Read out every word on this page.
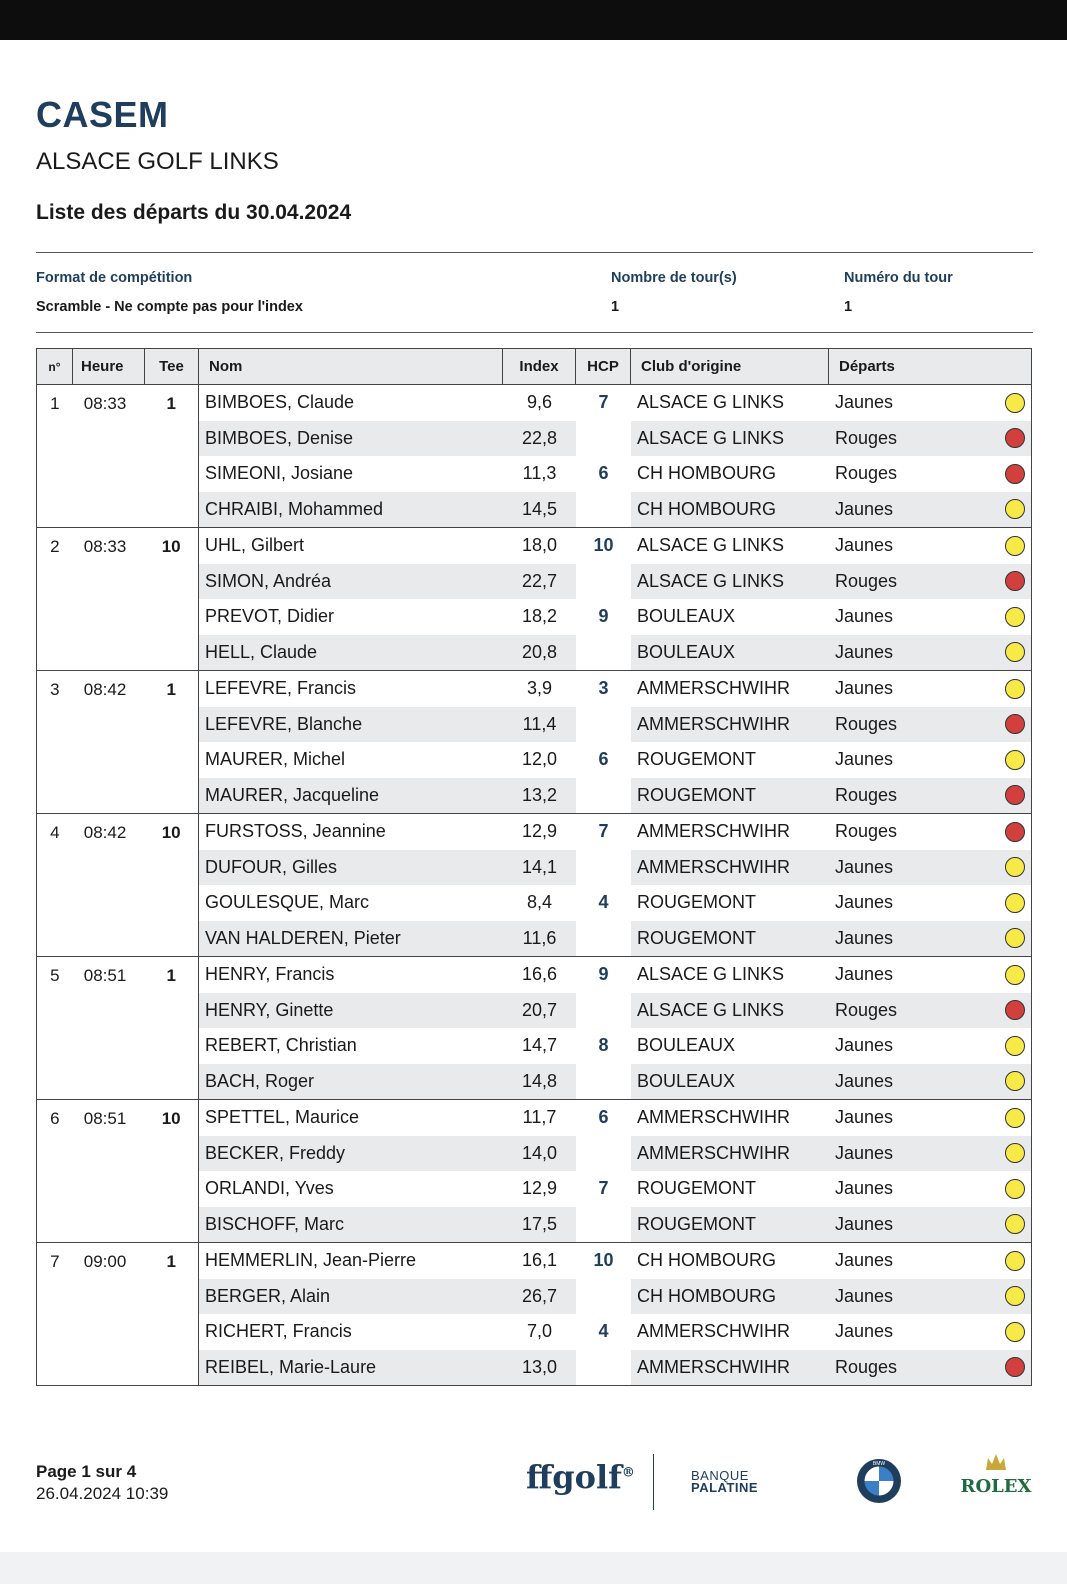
CASEM
ALSACE GOLF LINKS
Liste des départs du 30.04.2024
Format de compétition
Scramble - Ne compte pas pour l'index
Nombre de tour(s)
1
Numéro du tour
1
n°	Heure	Tee	Nom	Index	HCP	Club d'origine	Départs
1	08:33	1	BIMBOES, Claude	9,6	7 ALSACE G LINKS	Jaunes
BIMBOES, Denise	22,8	ALSACE G LINKS	Rouges
SIMEONI, Josiane	11,3 6 CH HOMBOURG	Rouges
CHRAIBI, Mohammed	14,5	CH HOMBOURG	Jaunes
2	08:33	10	UHL, Gilbert	18,0 10 ALSACE G LINKS	Jaunes
SIMON, Andréa	22,7	ALSACE G LINKS	Rouges
PREVOT, Didier	18,2 9 BOULEAUX	Jaunes
HELL, Claude	20,8	BOULEAUX	Jaunes
3	08:42	1	LEFEVRE, Francis	3,9	3 AMMERSCHWIHR	Jaunes
LEFEVRE, Blanche	11,4	AMMERSCHWIHR	Rouges
MAURER, Michel	12,0 6 ROUGEMONT	Jaunes
MAURER, Jacqueline	13,2	ROUGEMONT	Rouges
4	08:42	10	FURSTOSS, Jeannine	12,9 7 AMMERSCHWIHR	Rouges
DUFOUR, Gilles	14,1	AMMERSCHWIHR	Jaunes
GOULESQUE, Marc	8,4	4 ROUGEMONT	Jaunes
VAN HALDEREN, Pieter	11,6	ROUGEMONT	Jaunes
5	08:51	1	HENRY, Francis	16,6 9 ALSACE G LINKS	Jaunes
HENRY, Ginette	20,7	ALSACE G LINKS	Rouges
REBERT, Christian	14,7 8 BOULEAUX	Jaunes
BACH, Roger	14,8	BOULEAUX	Jaunes
6	08:51	10	SPETTEL, Maurice	11,7 6 AMMERSCHWIHR	Jaunes
BECKER, Freddy	14,0	AMMERSCHWIHR	Jaunes
ORLANDI, Yves	12,9 7 ROUGEMONT	Jaunes
BISCHOFF, Marc	17,5	ROUGEMONT	Jaunes
7	09:00	1	HEMMERLIN, Jean-Pierre	16,1 10 CH HOMBOURG	Jaunes
BERGER, Alain	26,7	CH HOMBOURG	Jaunes
RICHERT, Francis	7,0	4 AMMERSCHWIHR	Jaunes
REIBEL, Marie-Laure	13,0	AMMERSCHWIHR	Rouges
Page 1 sur 4
26.04.2024 10:39	ffgolf®	BANQUE
PALATINE
BMW
ROLEX
